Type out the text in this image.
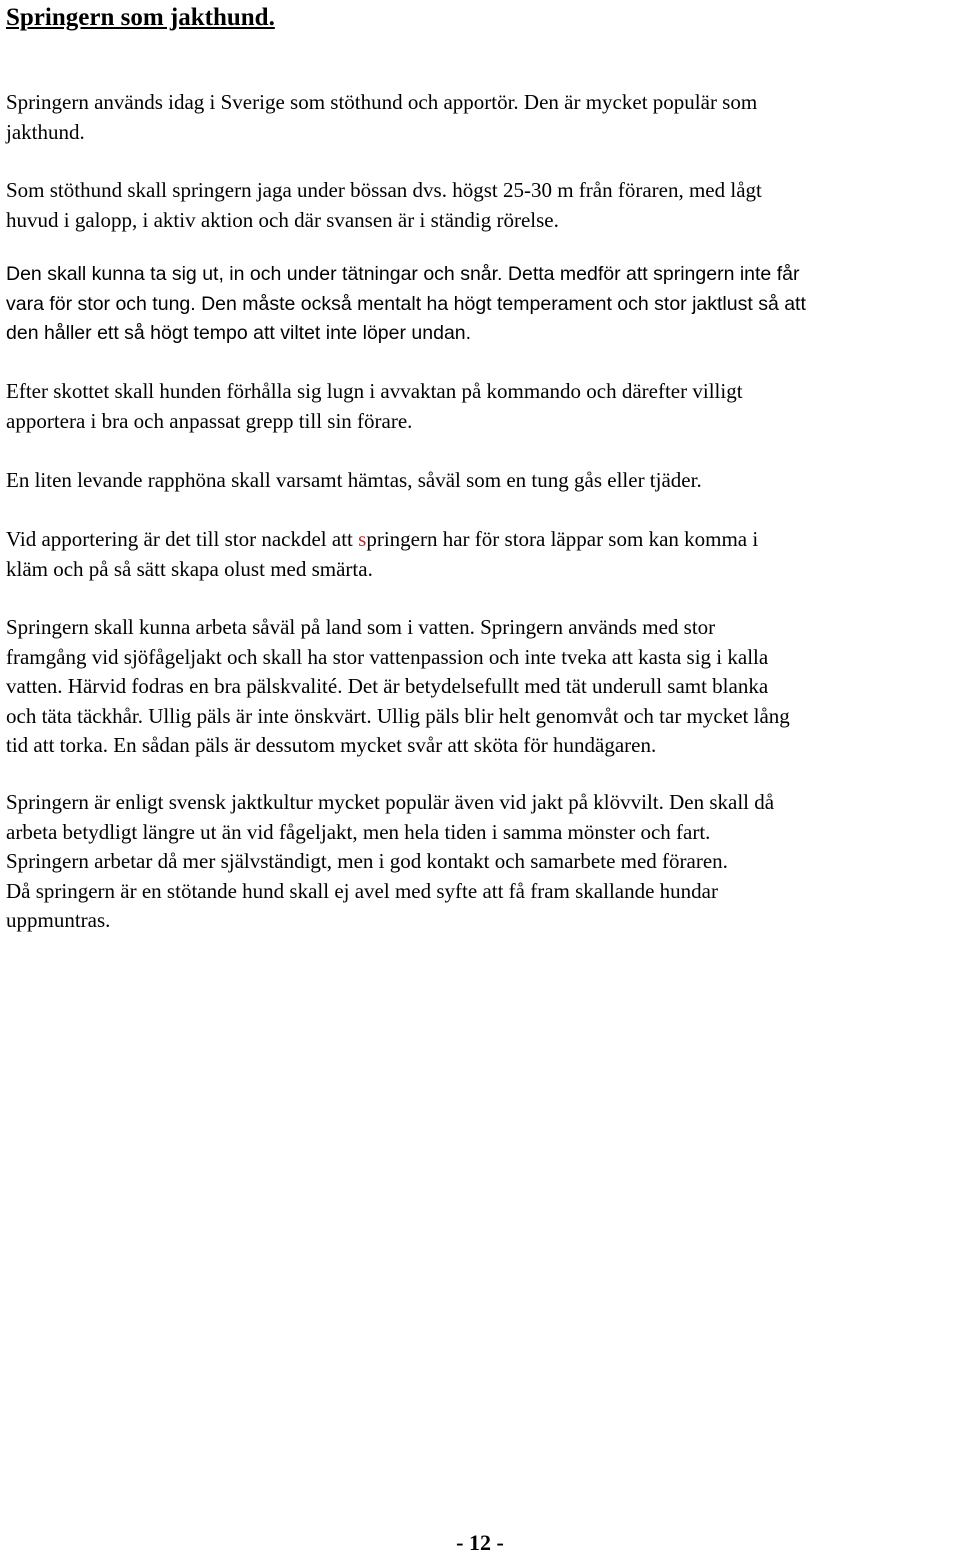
Springern som jakthund.

Springern används idag i Sverige som stöthund och apportör. Den är mycket populär som
jakthund.

Som stöthund skall springern jaga under bössan dvs. högst 25-30 m från föraren, med lågt
huvud i galopp, i aktiv aktion och där svansen är i ständig rörelse.

Den skall kunna ta sig ut, in och under tätningar och snår. Detta medför att springern inte får
vara för stor och tung. Den måste också mentalt ha högt temperament och stor jaktlust så att
den håller ett så högt tempo att viltet inte löper undan.

Efter skottet skall hunden förhålla sig lugn i avvaktan på kommando och därefter villigt
apportera i bra och anpassat grepp till sin förare.

En liten levande rapphöna skall varsamt hämtas, såväl som en tung gås eller tjäder.

Vid apportering är det till stor nackdel att springern har för stora läppar som kan komma i
kläm och på så sätt skapa olust med smärta.

Springern skall kunna arbeta såväl på land som i vatten. Springern används med stor
framgång vid sjöfågeljakt och skall ha stor vattenpassion och inte tveka att kasta sig i kalla
vatten. Härvid fodras en bra pälskvalité. Det är betydelsefullt med tät underull samt blanka
och täta täckhår. Ullig päls är inte önskvärt. Ullig päls blir helt genomvåt och tar mycket lång
tid att torka. En sådan päls är dessutom mycket svår att sköta för hundägaren.

Springern är enligt svensk jaktkultur mycket populär även vid jakt på klövvilt. Den skall då
arbeta betydligt längre ut än vid fågeljakt, men hela tiden i samma mönster och fart.
Springern arbetar då mer självständigt, men i god kontakt och samarbete med föraren.
Då springern är en stötande hund skall ej avel med syfte att få fram skallande hundar
uppmuntras.

- 12 -
